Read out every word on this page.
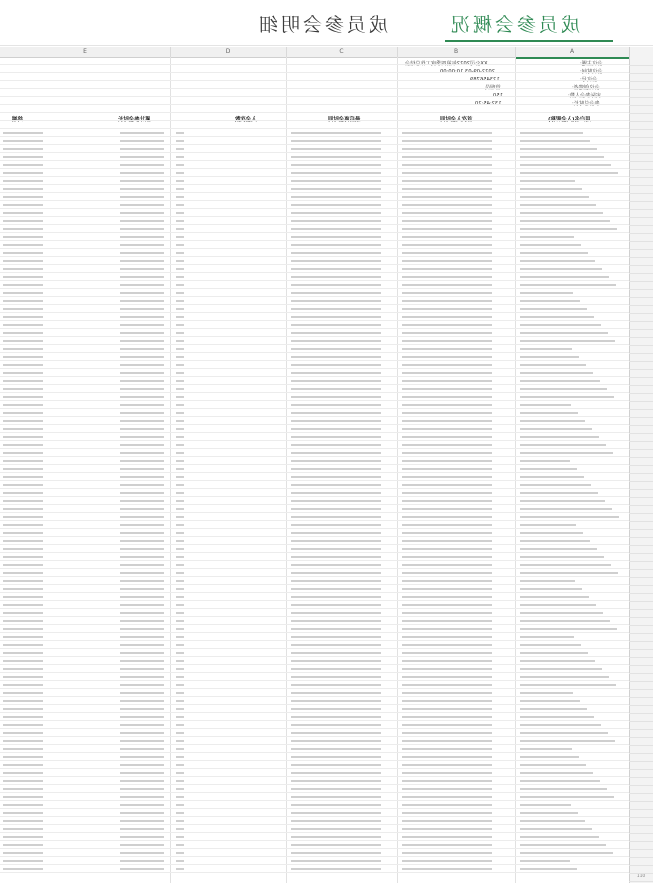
成员参会明细	成员参会概况
A
B
C
D
E
110
